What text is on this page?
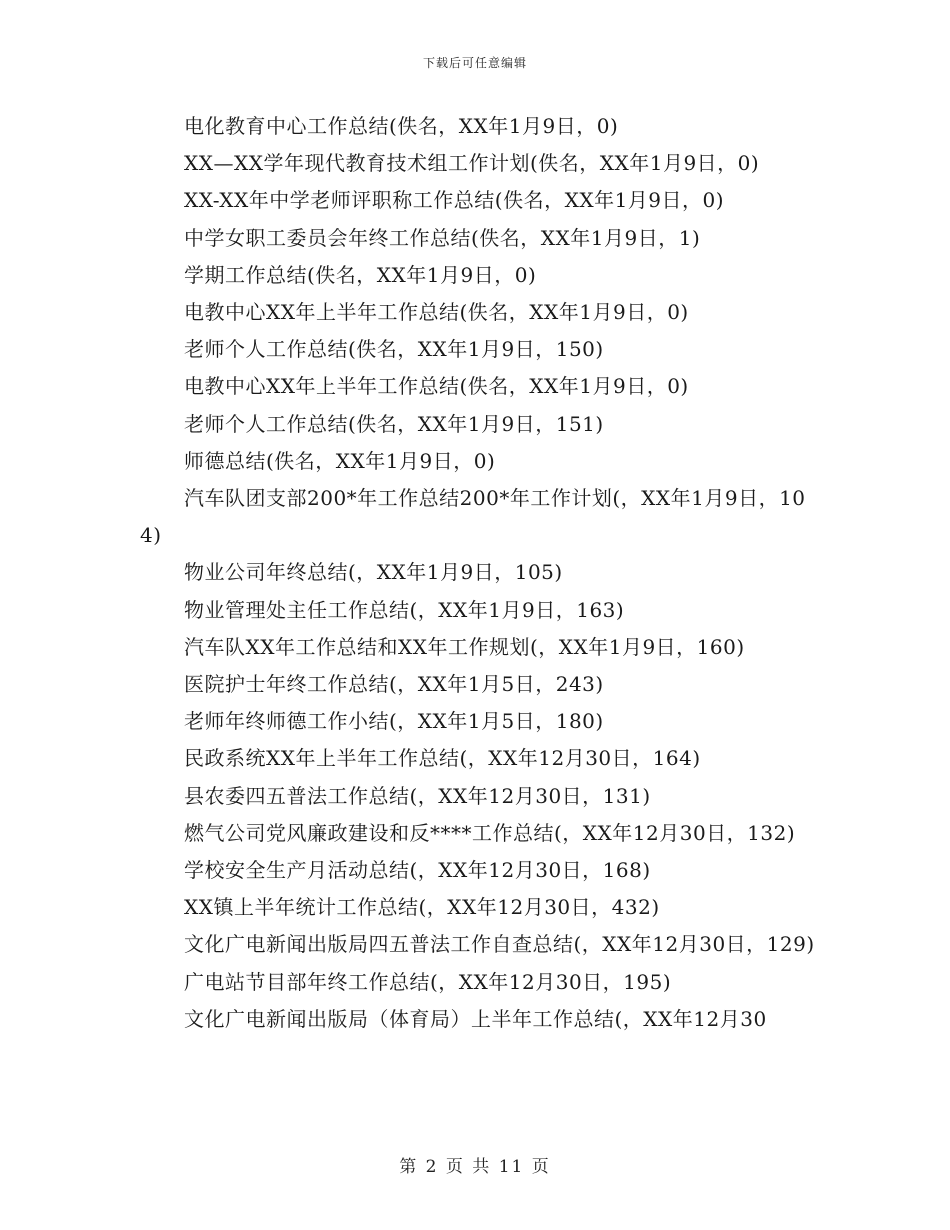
下载后可任意编辑

电化教育中心工作总结(佚名，XX年1月9日，0)

XX—XX学年现代教育技术组工作计划(佚名，XX年1月9日，0)

XX-XX年中学老师评职称工作总结(佚名，XX年1月9日，0)

中学女职工委员会年终工作总结(佚名，XX年1月9日，1)

学期工作总结(佚名，XX年1月9日，0)

电教中心XX年上半年工作总结(佚名，XX年1月9日，0)

老师个人工作总结(佚名，XX年1月9日，150)

电教中心XX年上半年工作总结(佚名，XX年1月9日，0)

老师个人工作总结(佚名，XX年1月9日，151)

师德总结(佚名，XX年1月9日，0)

汽车队团支部200*年工作总结200*年工作计划(，XX年1月9日，104)

物业公司年终总结(，XX年1月9日，105)

物业管理处主任工作总结(，XX年1月9日，163)

汽车队XX年工作总结和XX年工作规划(，XX年1月9日，160)

医院护士年终工作总结(，XX年1月5日，243)

老师年终师德工作小结(，XX年1月5日，180)

民政系统XX年上半年工作总结(，XX年12月30日，164)

县农委四五普法工作总结(，XX年12月30日，131)

燃气公司党风廉政建设和反****工作总结(，XX年12月30日，132)

学校安全生产月活动总结(，XX年12月30日，168)

XX镇上半年统计工作总结(，XX年12月30日，432)

文化广电新闻出版局四五普法工作自查总结(，XX年12月30日，129)

广电站节目部年终工作总结(，XX年12月30日，195)

文化广电新闻出版局（体育局）上半年工作总结(，XX年12月30

第 2 页 共 11 页
